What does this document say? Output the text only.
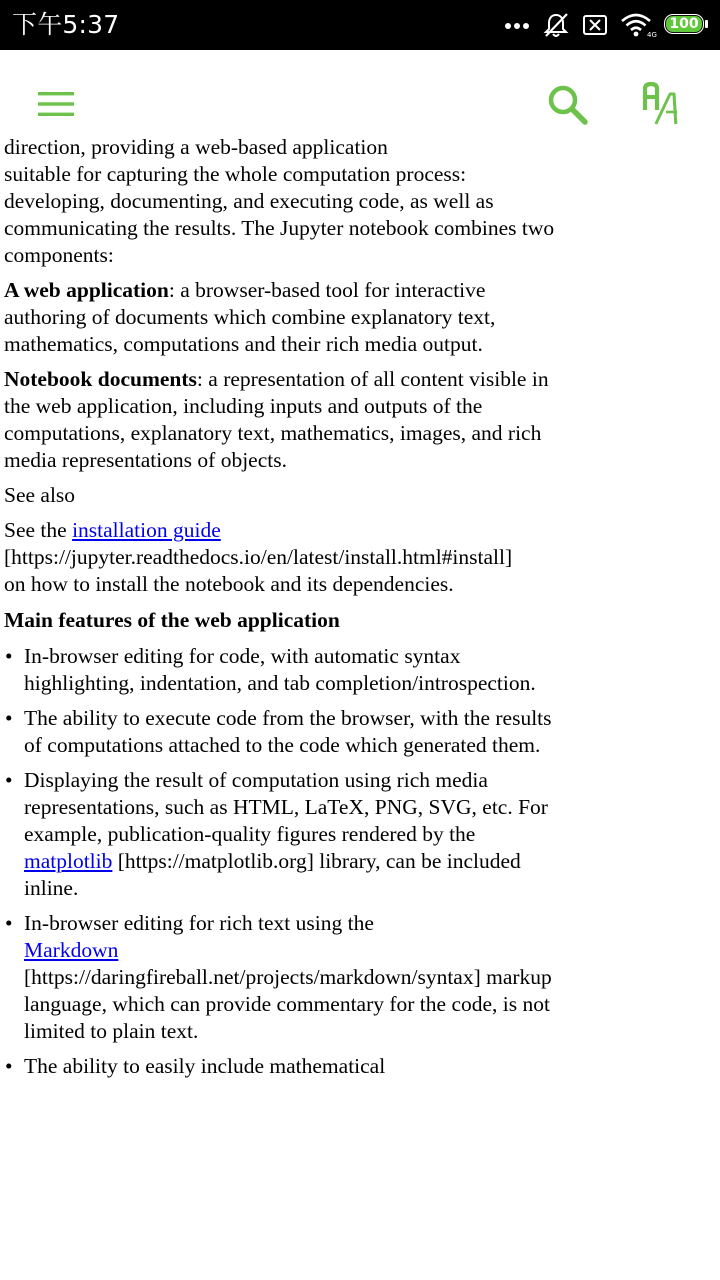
下午5:37	4G
100

direction, providing a web-based application
suitable for capturing the whole computation process: developing, documenting, and executing code, as well as communicating the results. The Jupyter notebook combines two components:

A web application: a browser-based tool for interactive authoring of documents which combine explanatory text, mathematics, computations and their rich media output.

Notebook documents: a representation of all content visible in the web application, including inputs and outputs of the computations, explanatory text, mathematics, images, and rich media representations of objects.

See also

See the installation guide
[https://jupyter.readthedocs.io/en/latest/install.html#install]
on how to install the notebook and its dependencies.

Main features of the web application
• In-browser editing for code, with automatic syntax highlighting, indentation, and tab completion/introspection.
• The ability to execute code from the browser, with the results of computations attached to the code which generated them.
• Displaying the result of computation using rich media representations, such as HTML, LaTeX, PNG, SVG, etc. For example, publication-quality figures rendered by the matplotlib [https://matplotlib.org] library, can be included inline.
• In-browser editing for rich text using the
Markdown [https://daringfireball.net/projects/markdown/syntax] markup language, which can provide commentary for the code, is not limited to plain text.
• The ability to easily include mathematical
